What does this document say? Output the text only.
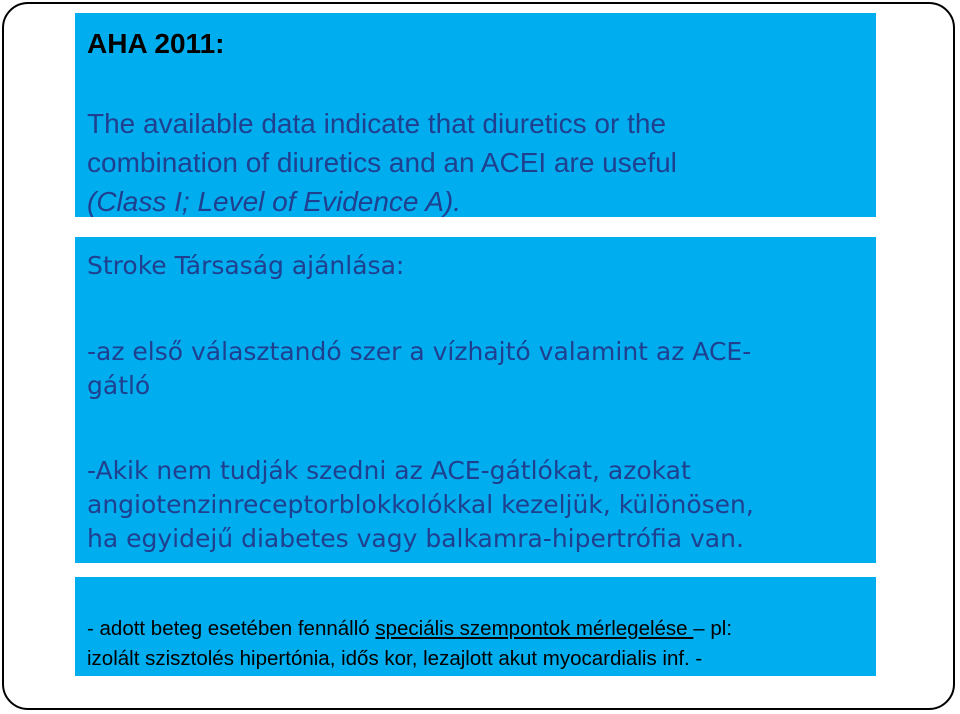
AHA 2011:

The available data indicate that diuretics or the
combination of diuretics and an ACEI are useful
(Class I; Level of Evidence A).

Stroke Társaság ajánlása:

-az első választandó szer a vízhajtó valamint az ACE-
gátló

-Akik nem tudják szedni az ACE-gátlókat, azokat
angiotenzinreceptorblokkolókkal kezeljük, különösen,
ha egyidejű diabetes vagy balkamra-hipertrófia van.

- adott beteg esetében fennálló speciális szempontok mérlegelése – pl:

izolált szisztolés hipertónia, idős kor, lezajlott akut myocardialis inf. -
